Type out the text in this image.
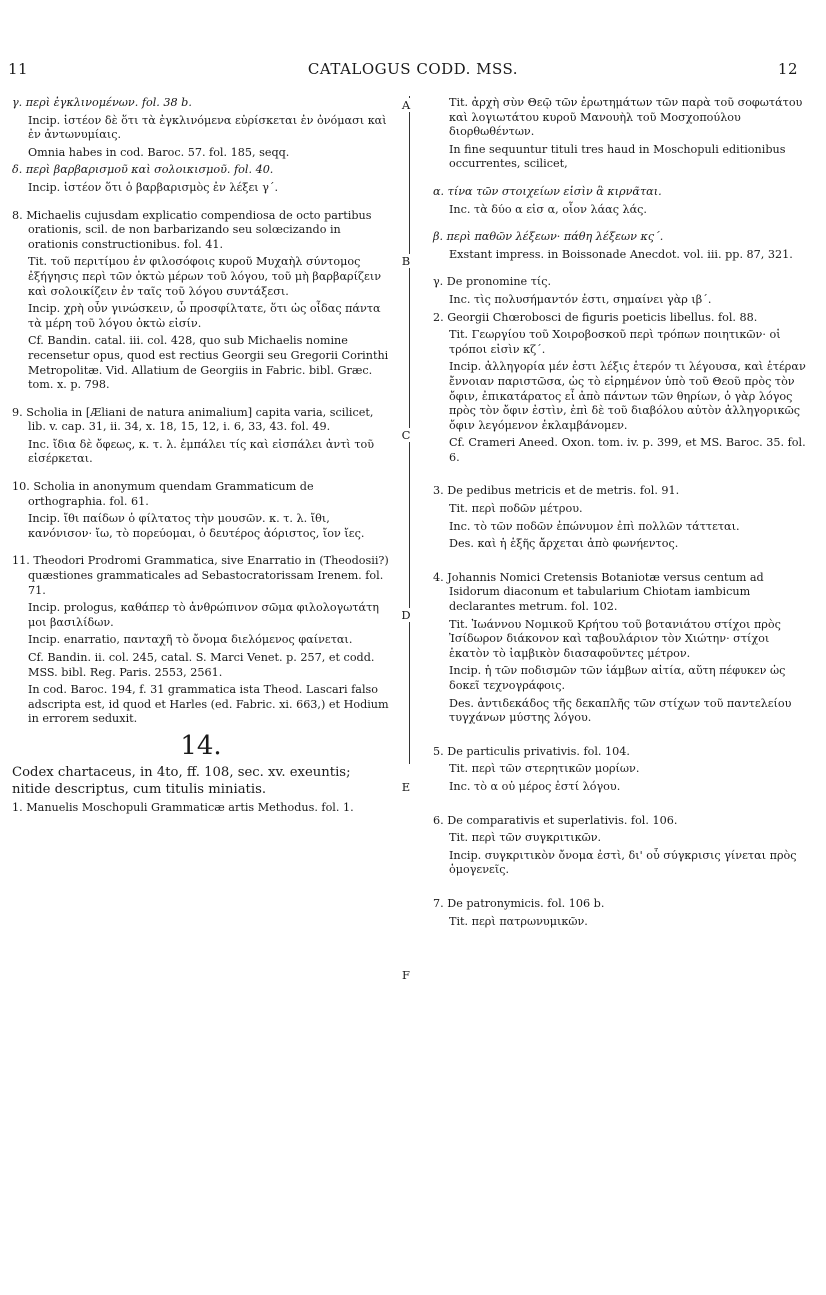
11	CATALOGUS CODD. MSS.	12
A
B
C
D
E
F
γ. περὶ ἐγκλινομένων. fol. 38 b.
Incip. ἰστέον δὲ ὅτι τὰ ἐγκλινόμενα εὑρίσκεται ἐν ὀνόμασι καὶ ἐν ἀντωνυμίαις.
Omnia habes in cod. Baroc. 57. fol. 185, seqq.
δ. περὶ βαρβαρισμοῦ καὶ σολοικισμοῦ. fol. 40.
Incip. ἰστέον ὅτι ὁ βαρβαρισμὸς ἐν λέξει γ΄.
8. Michaelis cujusdam explicatio compendiosa de octo partibus orationis, scil. de non barbarizando seu solœcizando in orationis constructionibus. fol. 41.
Tit. τοῦ περιτίμου ἐν φιλοσόφοις κυροῦ Μυχαὴλ σύντομος ἐξήγησις περὶ τῶν ὀκτὼ μέρων τοῦ λόγου, τοῦ μὴ βαρβαρίζειν καὶ σολοικίζειν ἐν ταῖς τοῦ λόγου συντάξεσι.
Incip. χρὴ οὖν γινώσκειν, ὦ προσφίλτατε, ὅτι ὡς οἶδας πάντα τὰ μέρη τοῦ λόγου ὀκτὼ εἰσίν.
Cf. Bandin. catal. iii. col. 428, quo sub Michaelis nomine recensetur opus, quod est rectius Georgii seu Gregorii Corinthi Metropolitæ. Vid. Allatium de Georgiis in Fabric. bibl. Græc. tom. x. p. 798.
9. Scholia in [Æliani de natura animalium] capita varia, scilicet, lib. v. cap. 31, ii. 34, x. 18, 15, 12, i. 6, 33, 43. fol. 49.
Inc. ἴδια δὲ ὄφεως, κ. τ. λ. ἐμπάλει τίς καὶ εἰσπάλει ἀντὶ τοῦ εἰσέρκεται.
10. Scholia in anonymum quendam Grammaticum de orthographia. fol. 61.
Incip. ἴθι παίδων ὁ φίλτατος τὴν μουσῶν. κ. τ. λ. ἴθι, κανόνισον· ἴω, τὸ πορεύομαι, ὁ δευτέρος ἀόριστος, ἴον ἴες.
11. Theodori Prodromi Grammatica, sive Enarratio in (Theodosii?) quæstiones grammaticales ad Sebastocratorissam Irenem. fol. 71.
Incip. prologus, καθάπερ τὸ ἀνθρώπινον σῶμα φιλολογωτάτη μοι βασιλίδων.
Incip. enarratio, πανταχῆ τὸ ὄνομα διελόμενος φαίνεται.
Cf. Bandin. ii. col. 245, catal. S. Marci Venet. p. 257, et codd. MSS. bibl. Reg. Paris. 2553, 2561.
In cod. Baroc. 194, f. 31 grammatica ista Theod. Lascari falso adscripta est, id quod et Harles (ed. Fabric. xi. 663,) et Hodium in errorem seduxit.
14.
Codex chartaceus, in 4to, ff. 108, sec. xv. exeuntis; nitide descriptus, cum titulis miniatis.
1. Manuelis Moschopuli Grammaticæ artis Methodus. fol. 1.
Tit. ἀρχὴ σὺν Θεῷ τῶν ἐρωτημάτων τῶν παρὰ τοῦ σοφωτάτου καὶ λογιωτάτου κυροῦ Μανουὴλ τοῦ Μοσχοπούλου διορθωθέντων.
In fine sequuntur tituli tres haud in Moschopuli editionibus occurrentes, scilicet,
α. τίνα τῶν στοιχείων εἰσὶν ἃ κιρνᾶται.
Inc. τὰ δύο α εἰσ α, οἷον λάας λάς.
β. περὶ παθῶν λέξεων· πάθη λέξεων κς΄.
Exstant impress. in Boissonade Anecdot. vol. iii. pp. 87, 321.
γ. De pronomine τίς.
Inc. τὶς πολυσήμαντόν ἐστι, σημαίνει γὰρ ιβ΄.
2. Georgii Chœrobosci de figuris poeticis libellus. fol. 88.
Tit. Γεωργίου τοῦ Χοιροβοσκοῦ περὶ τρόπων ποιητικῶν· οἱ τρόποι εἰσὶν κζ΄.
Incip. ἀλληγορία μέν ἐστι λέξις ἑτερόν τι λέγουσα, καὶ ἑτέραν ἔννοιαν παριστῶσα, ὡς τὸ εἰρημένον ὑπὸ τοῦ Θεοῦ πρὸς τὸν ὄφιν, ἐπικατάρατος εἶ ἀπὸ πάντων τῶν θηρίων, ὁ γὰρ λόγος πρὸς τὸν ὄφιν ἐστὶν, ἐπὶ δὲ τοῦ διαβόλου αὐτὸν ἀλληγορικῶς ὄφιν λεγόμενον ἐκλαμβάνομεν.
Cf. Crameri Aneed. Oxon. tom. iv. p. 399, et MS. Baroc. 35. fol. 6.
3. De pedibus metricis et de metris. fol. 91.
Tit. περὶ ποδῶν μέτρου.
Inc. τὸ τῶν ποδῶν ἐπώνυμον ἐπὶ πολλῶν τάττεται.
Des. καὶ ἡ ἑξῆς ἄρχεται ἀπὸ φωνήεντος.
4. Johannis Nomici Cretensis Botaniotæ versus centum ad Isidorum diaconum et tabularium Chiotam iambicum declarantes metrum. fol. 102.
Tit. Ἰωάννου Νομικοῦ Κρήτου τοῦ βοτανιάτου στίχοι πρὸς Ἰσίδωρον διάκονον καὶ ταβουλάριον τὸν Χιώτην· στίχοι ἑκατὸν τὸ ἰαμβικὸν διασαφοῦντες μέτρον.
Incip. ἡ τῶν ποδισμῶν τῶν ἰάμβων αἰτία, αὕτη πέφυκεν ὡς δοκεῖ τεχνογράφοις.
Des. ἀντιδεκάδος τῆς δεκαπλῆς τῶν στίχων τοῦ παντελείου τυγχάνων μύστης λόγου.
5. De particulis privativis. fol. 104.
Tit. περὶ τῶν στερητικῶν μορίων.
Inc. τὸ α οὐ μέρος ἐστί λόγου.
6. De comparativis et superlativis. fol. 106.
Tit. περὶ τῶν συγκριτικῶν.
Incip. συγκριτικὸν ὄνομα ἐστὶ, δι' οὗ σύγκρισις γίνεται πρὸς ὁμογενεῖς.
7. De patronymicis. fol. 106 b.
Tit. περὶ πατρωνυμικῶν.
